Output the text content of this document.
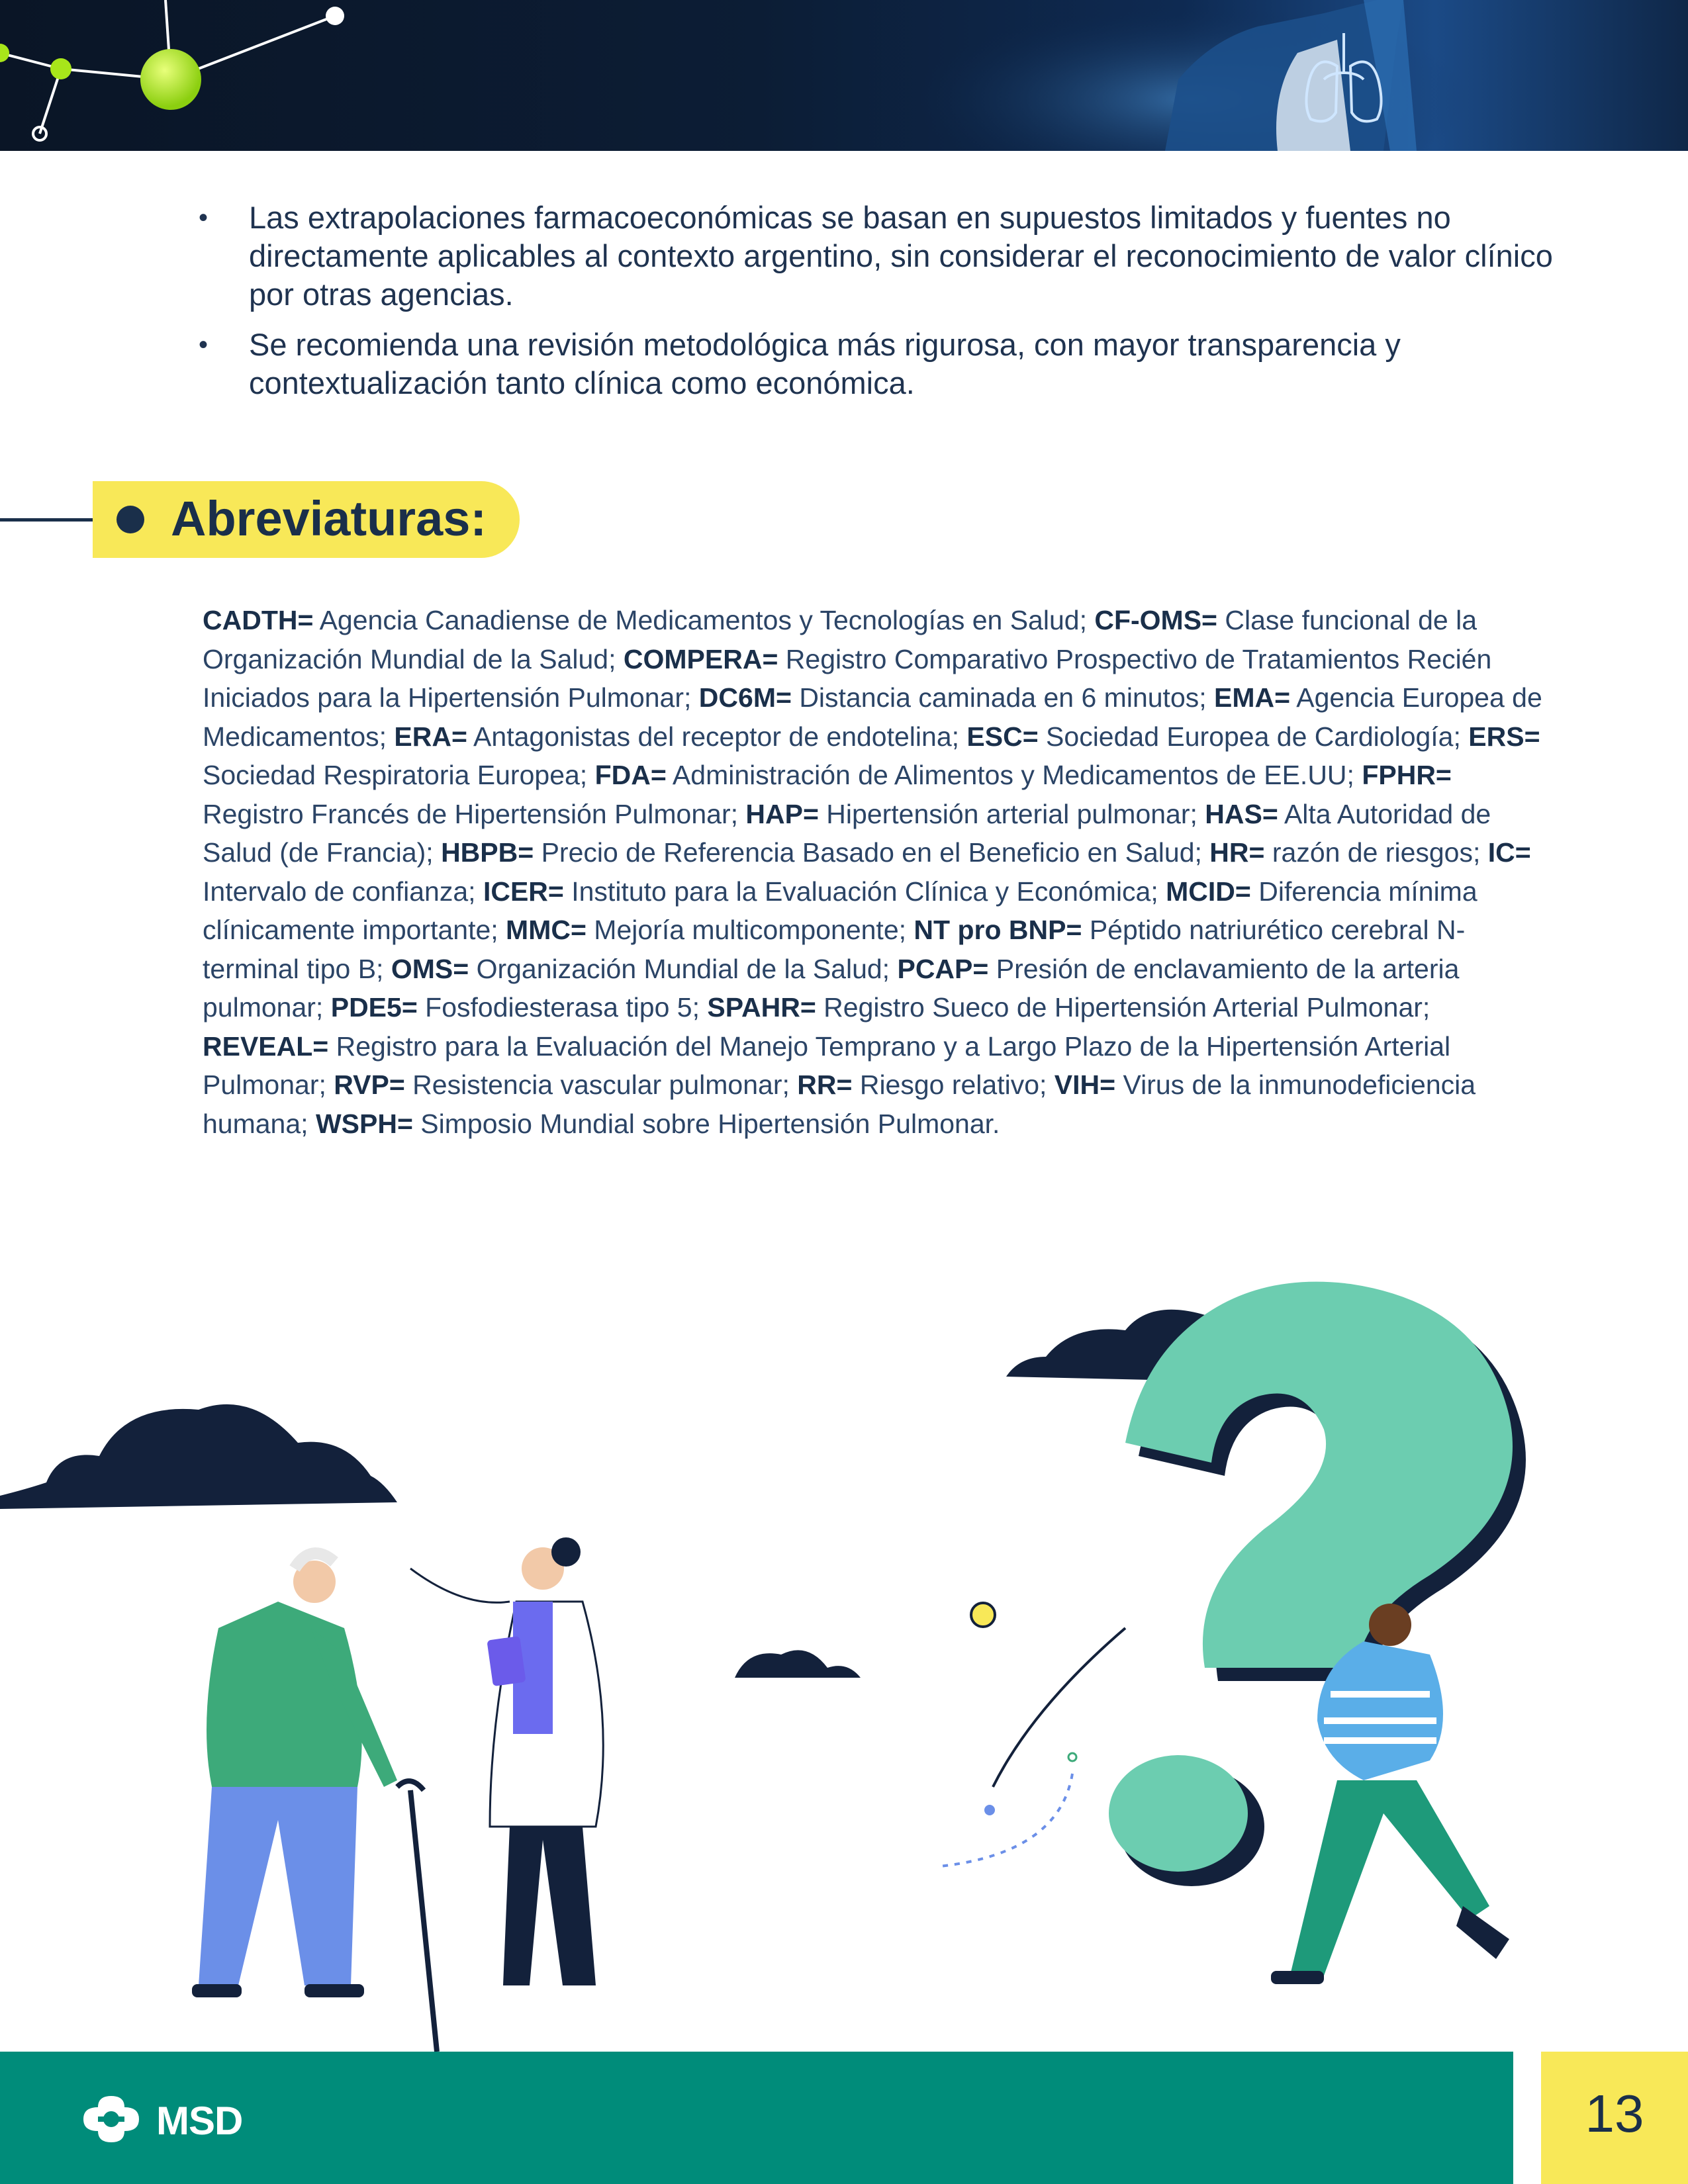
• Las extrapolaciones farmacoeconómicas se basan en supuestos limitados y fuentes no directamente aplicables al contexto argentino, sin considerar el reconocimiento de valor clínico por otras agencias.
• Se recomienda una revisión metodológica más rigurosa, con mayor transparencia y contextualización tanto clínica como económica.
Abreviaturas:

CADTH= Agencia Canadiense de Medicamentos y Tecnologías en Salud; CF-OMS= Clase funcional de la Organización Mundial de la Salud; COMPERA= Registro Comparativo Prospectivo de Tratamientos Recién Iniciados para la Hipertensión Pulmonar; DC6M= Distancia caminada en 6 minutos; EMA= Agencia Europea de Medicamentos; ERA= Antagonistas del receptor de endotelina; ESC= Sociedad Europea de Cardiología; ERS= Sociedad Respiratoria Europea; FDA= Administración de Alimentos y Medicamentos de EE.UU; FPHR= Registro Francés de Hipertensión Pulmonar; HAP= Hipertensión arterial pulmonar; HAS= Alta Autoridad de Salud (de Francia); HBPB= Precio de Referencia Basado en el Beneficio en Salud; HR= razón de riesgos; IC= Intervalo de confianza; ICER= Instituto para la Evaluación Clínica y Económica; MCID= Diferencia mínima clínicamente importante; MMC= Mejoría multicomponente; NT pro BNP= Péptido natriurético cerebral N-terminal tipo B; OMS= Organización Mundial de la Salud; PCAP= Presión de enclavamiento de la arteria pulmonar; PDE5= Fosfodiesterasa tipo 5; SPAHR= Registro Sueco de Hipertensión Arterial Pulmonar; REVEAL= Registro para la Evaluación del Manejo Temprano y a Largo Plazo de la Hipertensión Arterial Pulmonar; RVP= Resistencia vascular pulmonar; RR= Riesgo relativo; VIH= Virus de la inmunodeficiencia humana; WSPH= Simposio Mundial sobre Hipertensión Pulmonar.

MSD	13
